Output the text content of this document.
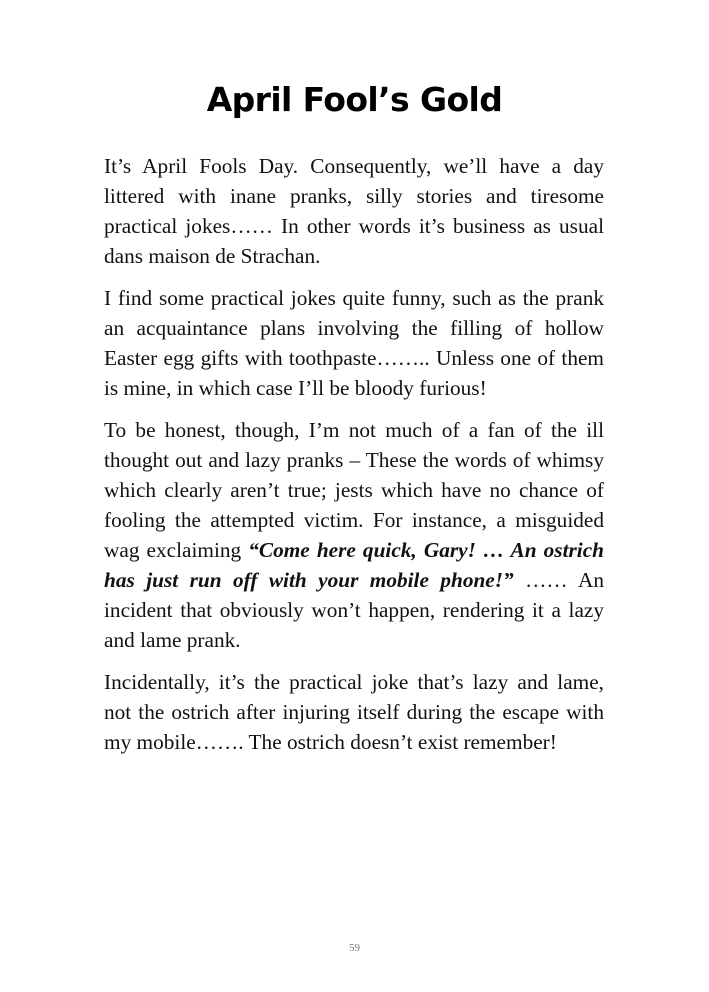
April Fool’s Gold

It’s April Fools Day. Consequently, we’ll have a day littered with inane pranks, silly stories and tiresome practical jokes…… In other words it’s business as usual dans maison de Strachan.

I find some practical jokes quite funny, such as the prank an acquaintance plans involving the filling of hollow Easter egg gifts with toothpaste…….. Unless one of them is mine, in which case I’ll be bloody furious!

To be honest, though, I’m not much of a fan of the ill thought out and lazy pranks – These the words of whimsy which clearly aren’t true; jests which have no chance of fooling the attempted victim. For instance, a misguided wag exclaiming “Come here quick, Gary! … An ostrich has just run off with your mobile phone!” …… An incident that obviously won’t happen, rendering it a lazy and lame prank.

Incidentally, it’s the practical joke that’s lazy and lame, not the ostrich after injuring itself during the escape with my mobile……. The ostrich doesn’t exist remember!

59
